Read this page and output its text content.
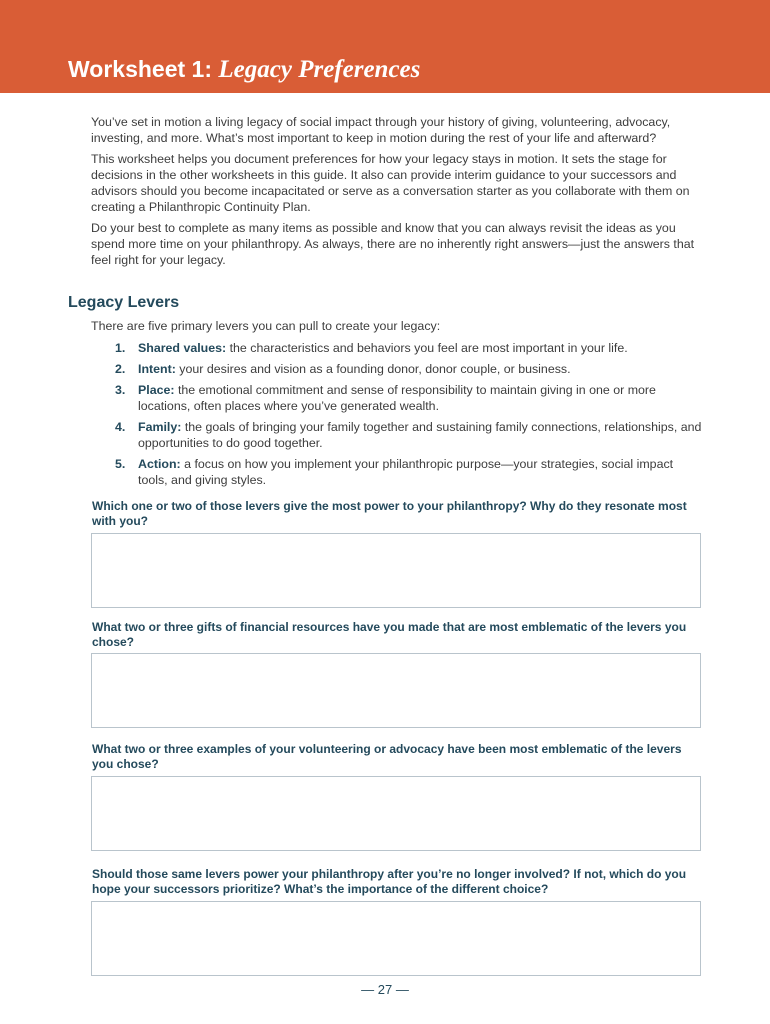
Worksheet 1: Legacy Preferences

You’ve set in motion a living legacy of social impact through your history of giving, volunteering, advocacy, investing, and more. What’s most important to keep in motion during the rest of your life and afterward?

This worksheet helps you document preferences for how your legacy stays in motion. It sets the stage for decisions in the other worksheets in this guide. It also can provide interim guidance to your successors and advisors should you become incapacitated or serve as a conversation starter as you collaborate with them on creating a Philanthropic Continuity Plan.

Do your best to complete as many items as possible and know that you can always revisit the ideas as you spend more time on your philanthropy. As always, there are no inherently right answers—just the answers that feel right for your legacy.

Legacy Levers
There are five primary levers you can pull to create your legacy:
1. Shared values: the characteristics and behaviors you feel are most important in your life.
2. Intent: your desires and vision as a founding donor, donor couple, or business.
3. Place: the emotional commitment and sense of responsibility to maintain giving in one or more locations, often places where you’ve generated wealth.
4. Family: the goals of bringing your family together and sustaining family connections, relationships, and opportunities to do good together.
5. Action: a focus on how you implement your philanthropic purpose—your strategies, social impact tools, and giving styles.
Which one or two of those levers give the most power to your philanthropy? Why do they resonate most with you?
What two or three gifts of financial resources have you made that are most emblematic of the levers you chose?
What two or three examples of your volunteering or advocacy have been most emblematic of the levers you chose?
Should those same levers power your philanthropy after you’re no longer involved? If not, which do you hope your successors prioritize? What’s the importance of the different choice?
— 27 —
